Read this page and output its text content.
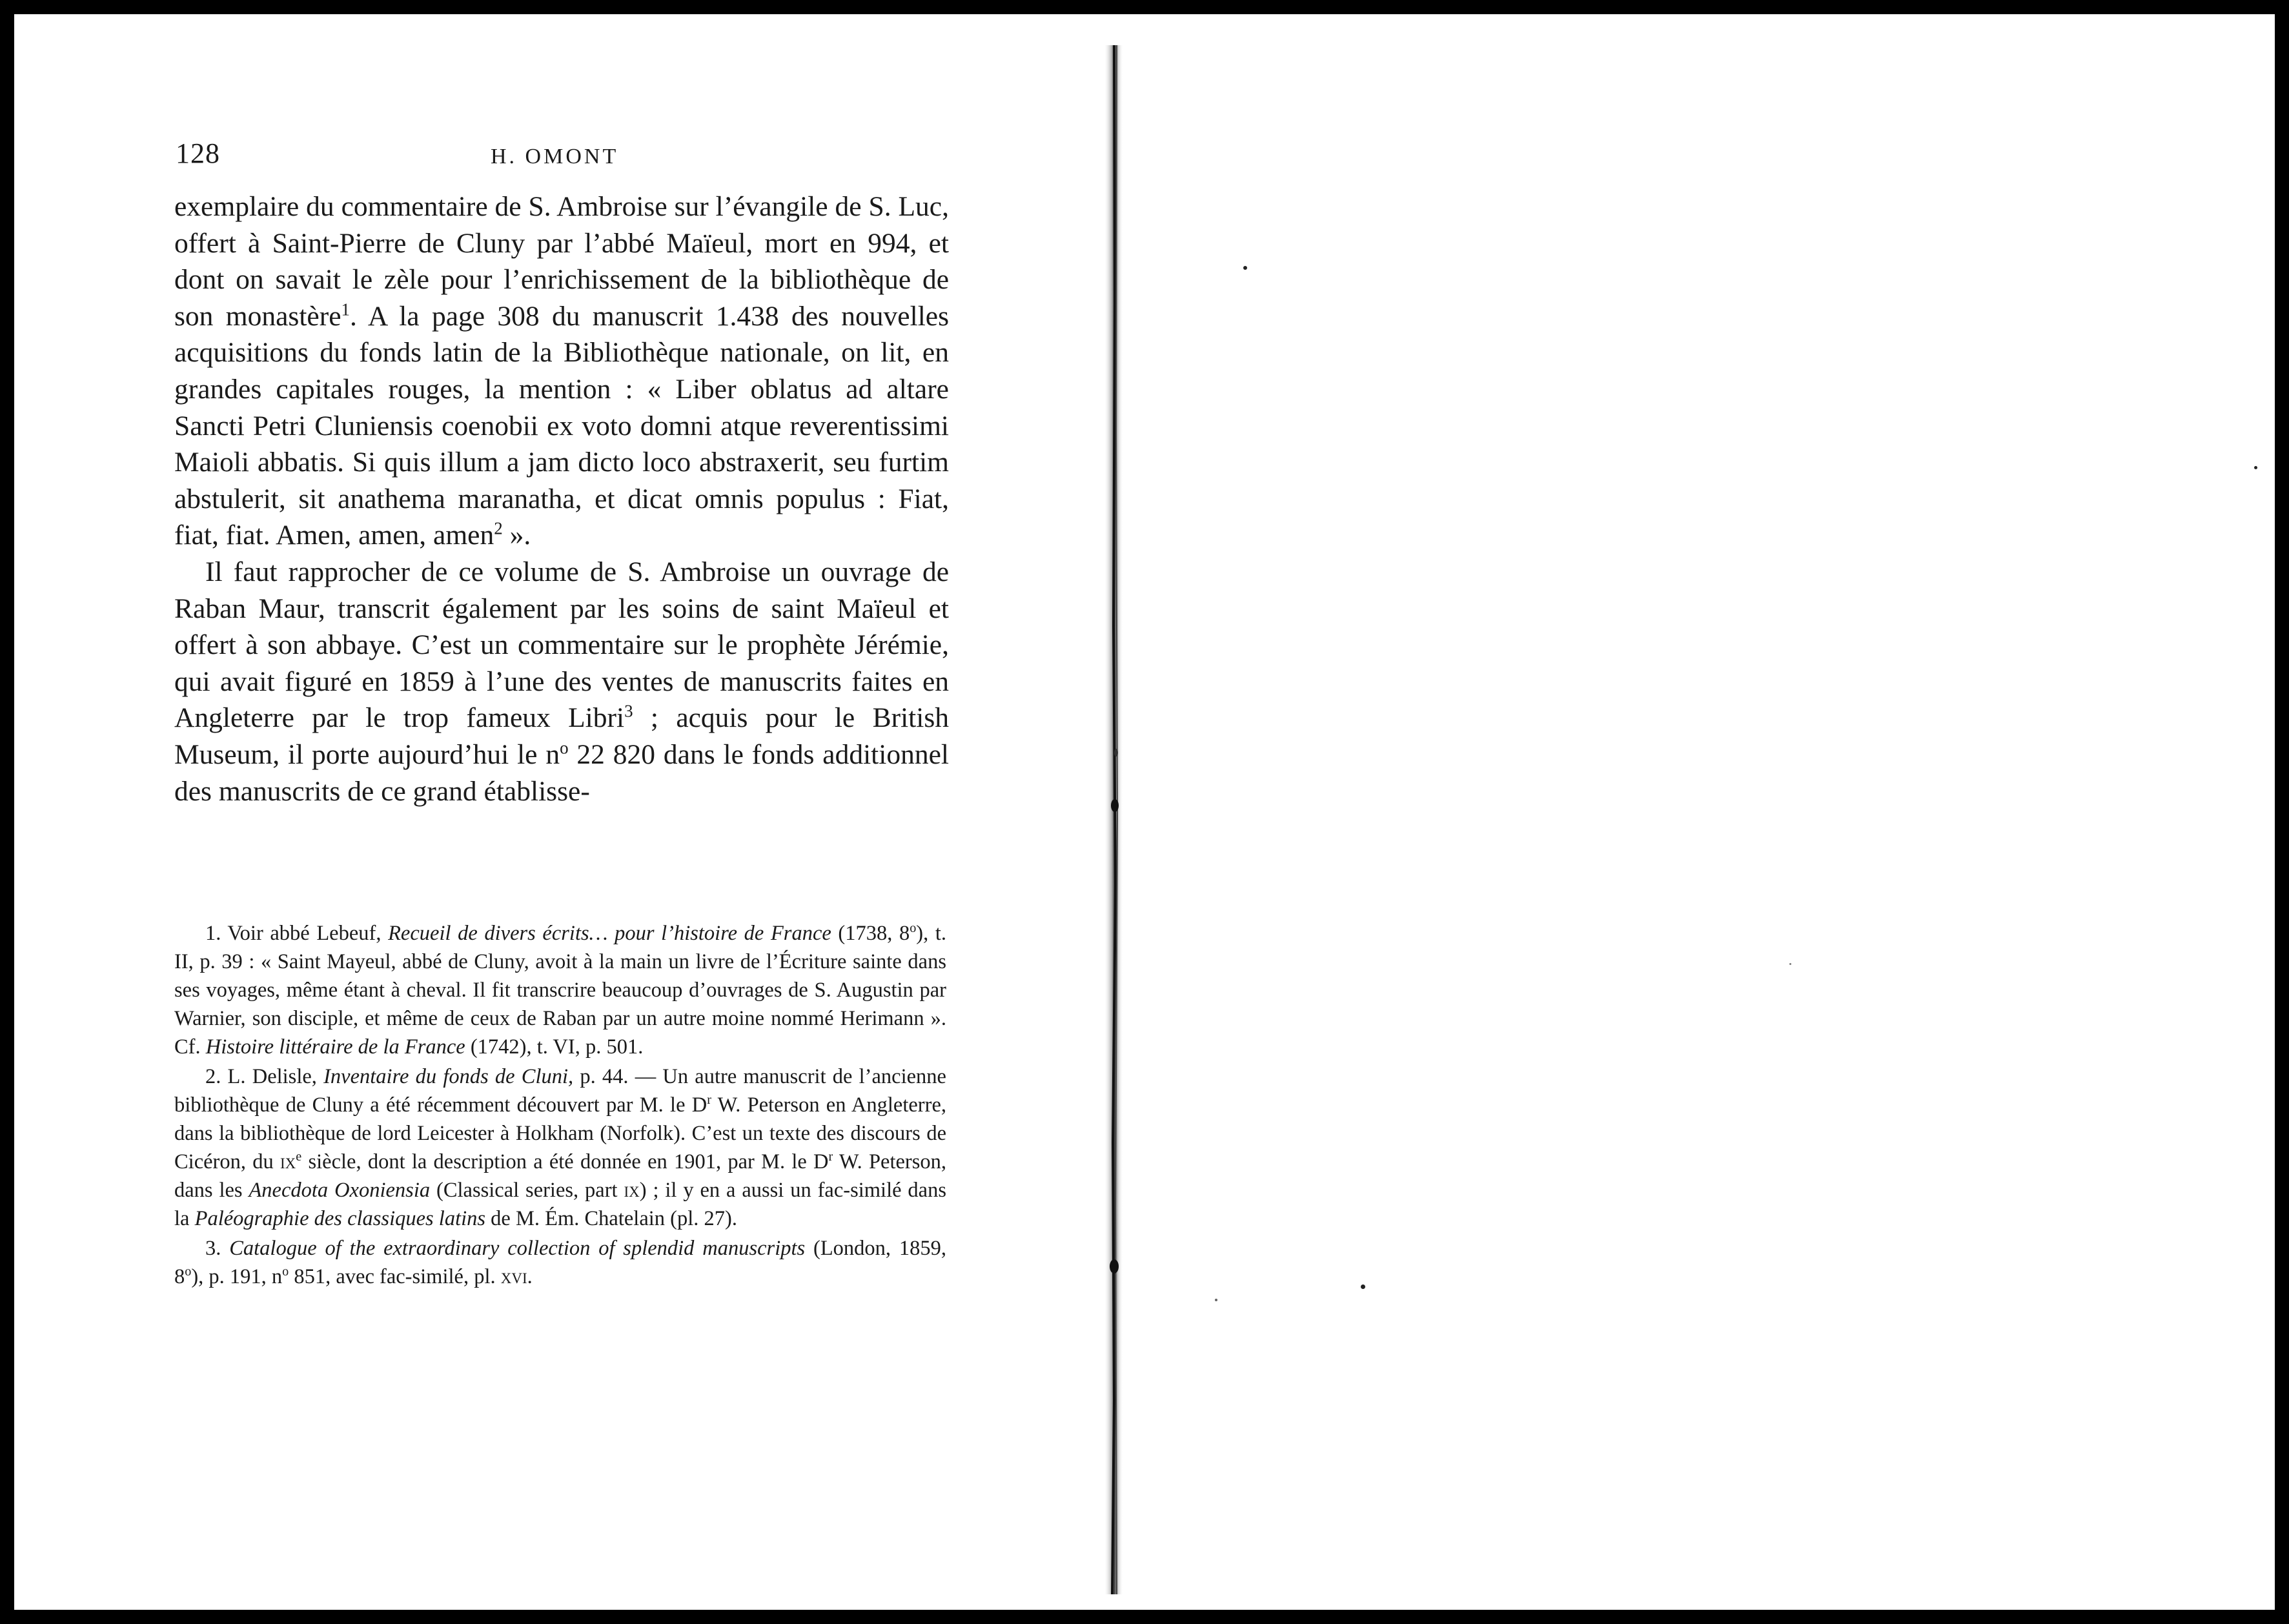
128	H. OMONT

exemplaire du commentaire de S. Ambroise sur l’évangile de S. Luc, offert à Saint-Pierre de Cluny par l’abbé Maïeul, mort en 994, et dont on savait le zèle pour l’enrichissement de la bibliothèque de son monastère$^1$. A la page 308 du manuscrit 1.438 des nouvelles acquisitions du fonds latin de la Bibliothèque nationale, on lit, en grandes capitales rouges, la mention : « Liber oblatus ad altare Sancti Petri Cluniensis coenobii ex voto domni atque reverentissimi Maioli abbatis. Si quis illum a jam dicto loco abstraxerit, seu furtim abstulerit, sit anathema maranatha, et dicat omnis populus : Fiat, fiat, fiat. Amen, amen, amen$^2$ ».

Il faut rapprocher de ce volume de S. Ambroise un ouvrage de Raban Maur, transcrit également par les soins de saint Maïeul et offert à son abbaye. C’est un commentaire sur le prophète Jérémie, qui avait figuré en 1859 à l’une des ventes de manuscrits faites en Angleterre par le trop fameux Libri$^3$ ; acquis pour le British Museum, il porte aujourd’hui le $n^o$ 22 820 dans le fonds additionnel des manuscrits de ce grand établisse-

1. Voir abbé Lebeuf, Recueil de divers écrits… pour l’histoire de France (1738, 8$^o$), t. II, p. 39 : « Saint Mayeul, abbé de Cluny, avoit à la main un livre de l’Écriture sainte dans ses voyages, même étant à cheval. Il fit transcrire beaucoup d’ouvrages de S. Augustin par Warnier, son disciple, et même de ceux de Raban par un autre moine nommé Herimann ». Cf. Histoire littéraire de la France (1742), t. VI, p. 501.

2. L. Delisle, Inventaire du fonds de Cluni, p. 44. — Un autre manuscrit de l’ancienne bibliothèque de Cluny a été récemment découvert par M. le $D^r$ W. Peterson en Angleterre, dans la bibliothèque de lord Leicester à Holkham (Norfolk). C’est un texte des discours de Cicéron, du $ix^e$ siècle, dont la description a été donnée en 1901, par M. le $D^r$ W. Peterson, dans les Anecdota Oxoniensia (Classical series, part ix) ; il y en a aussi un fac-similé dans la Paléographie des classiques latins de M. Ém. Chatelain (pl. 27).

3. Catalogue of the extraordinary collection of splendid manuscripts (London, 1859, 8$^o$), p. 191, $n^o$ 851, avec fac-similé, pl. xvi.
